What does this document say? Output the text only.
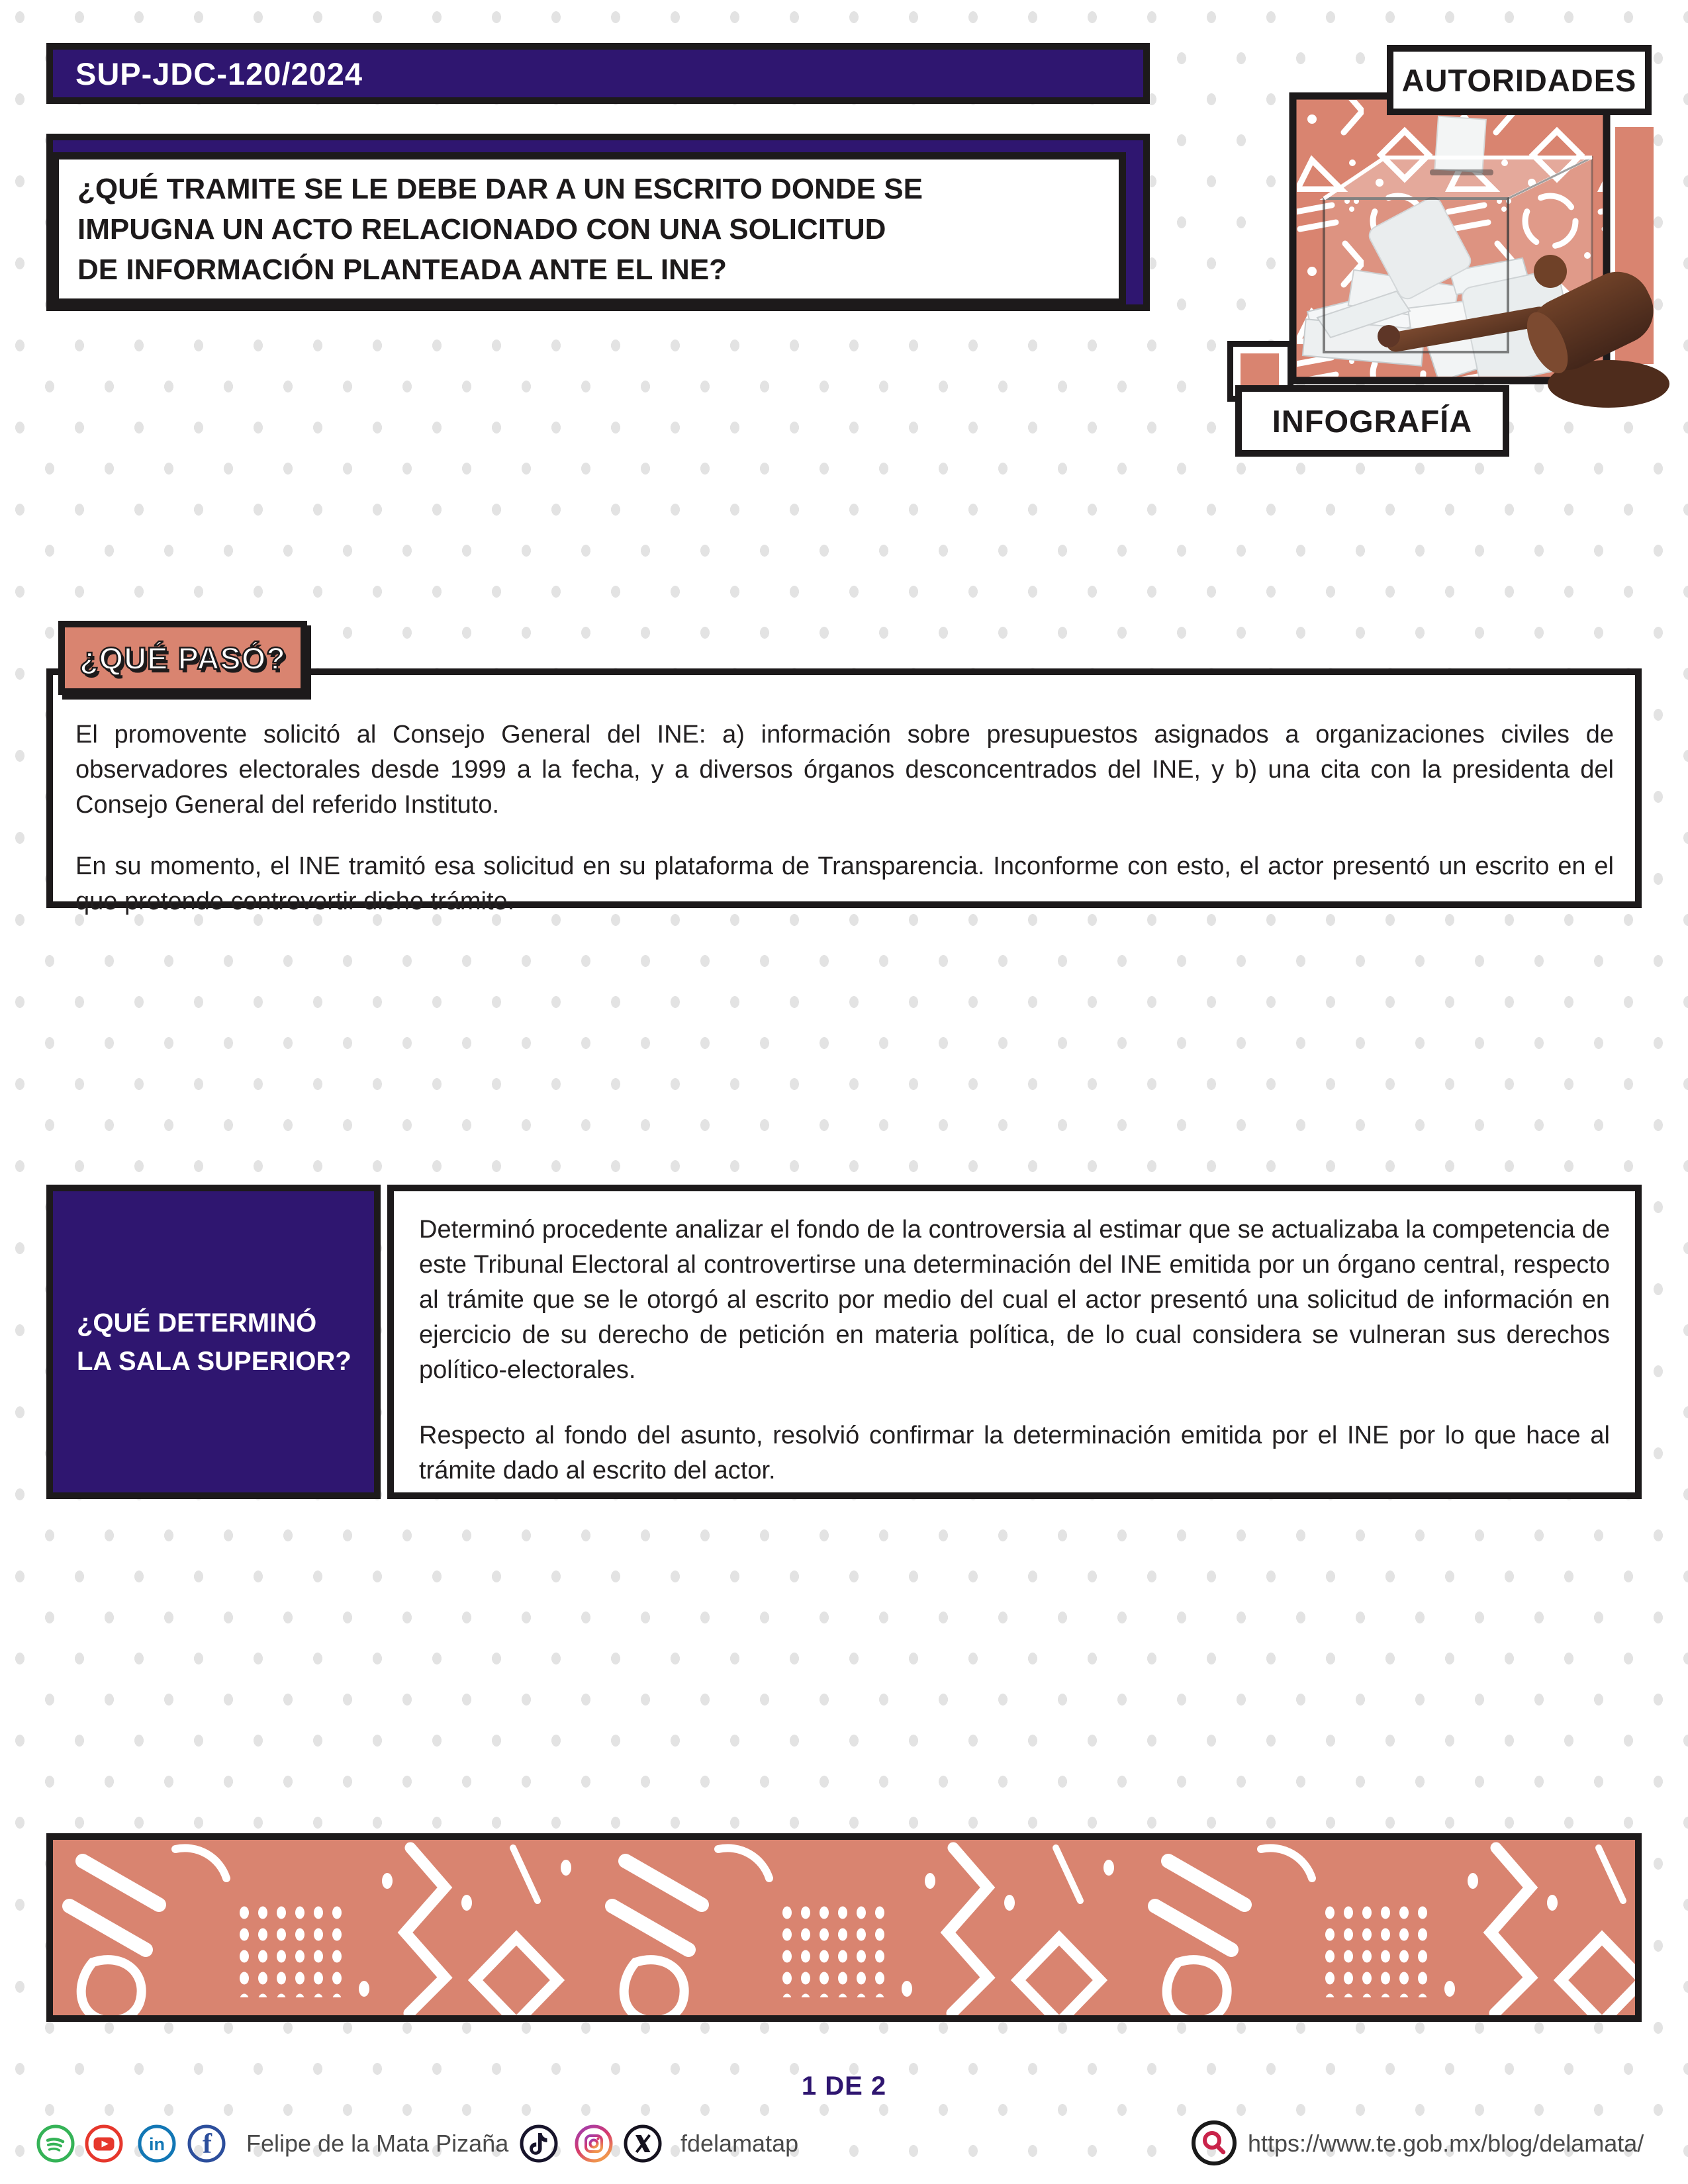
SUP-JDC-120/2024
¿QUÉ TRAMITE SE LE DEBE DAR A UN ESCRITO DONDE SE
IMPUGNA UN ACTO RELACIONADO CON UNA SOLICITUD
DE INFORMACIÓN PLANTEADA ANTE EL INE?
AUTORIDADES
INFOGRAFÍA

El promovente solicitó al Consejo General del INE: a) información sobre presupuestos asignados a organizaciones civiles de observadores electorales desde 1999 a la fecha, y a diversos órganos desconcentrados del INE, y b) una cita con la presidenta del Consejo General del referido Instituto.

En su momento, el INE tramitó esa solicitud en su plataforma de Transparencia. Inconforme con esto, el actor presentó un escrito en el que pretende controvertir dicho trámite.

¿QUÉ PASÓ?
¿QUÉ DETERMINÓ
LA SALA SUPERIOR?

Determinó procedente analizar el fondo de la controversia al estimar que se actualizaba la competencia de este Tribunal Electoral al controvertirse una determinación del INE emitida por un órgano central, respecto al trámite que se le otorgó al escrito por medio del cual el actor presentó una solicitud de información en ejercicio de su derecho de petición en materia política, de lo cual considera se vulneran sus derechos político-electorales.

Respecto al fondo del asunto, resolvió confirmar la determinación emitida por el INE por lo que hace al trámite dado al escrito del actor.

1 DE 2
in f Felipe de la Mata Pizaña	fdelamatap	https://www.te.gob.mx/blog/delamata/
